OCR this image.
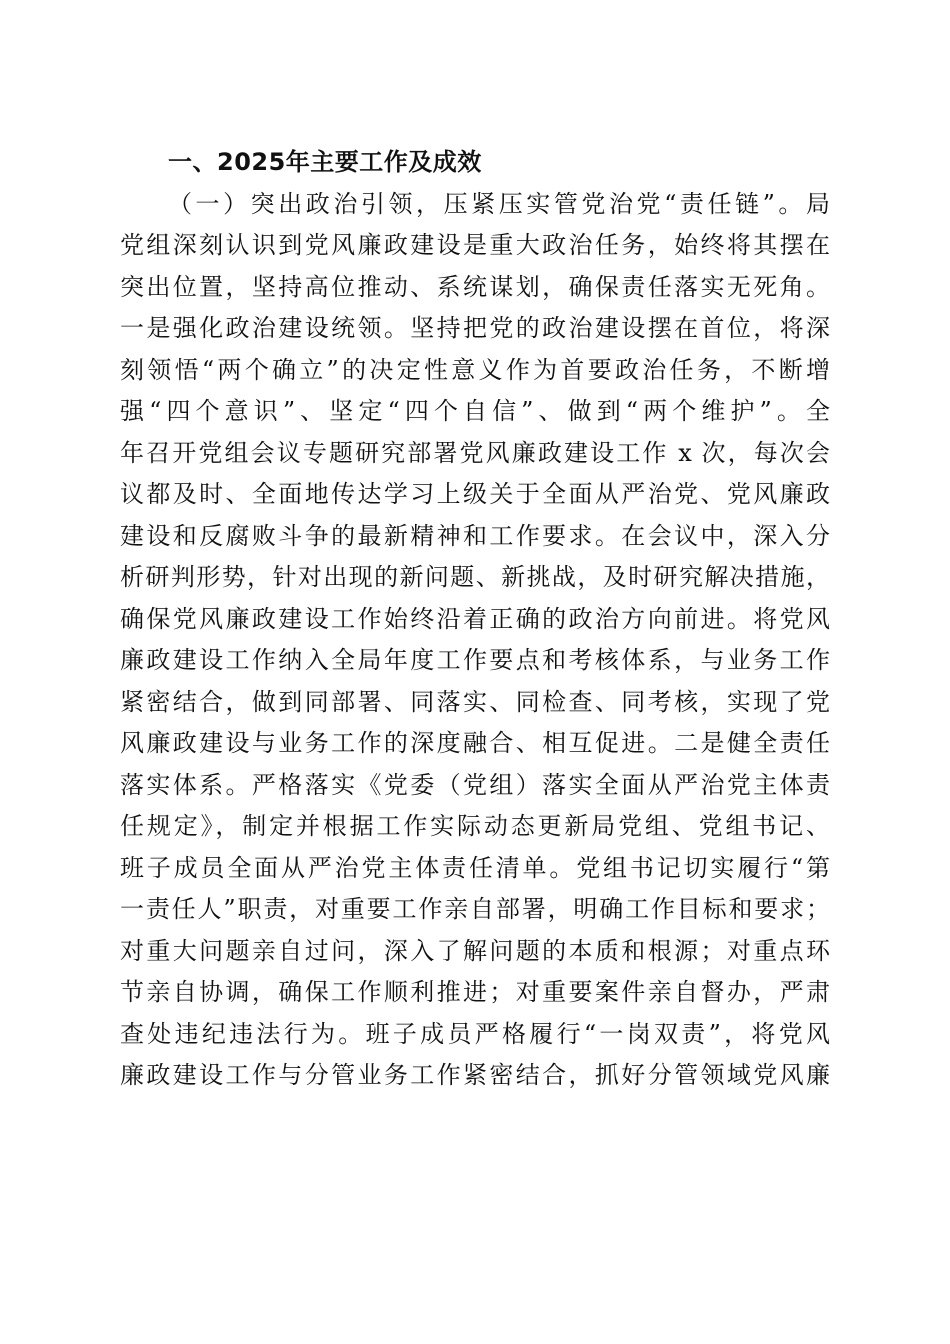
一、2025年主要工作及成效
（一）突出政治引领，压紧压实管党治党“责任链”。局
党组深刻认识到党风廉政建设是重大政治任务，始终将其摆在
突出位置，坚持高位推动、系统谋划，确保责任落实无死角。
一是强化政治建设统领。坚持把党的政治建设摆在首位，将深
刻领悟“两个确立”的决定性意义作为首要政治任务，不断增
强“四个意识”、坚定“四个自信”、做到“两个维护”。全
年召开党组会议专题研究部署党风廉政建设工作 x 次，每次会
议都及时、全面地传达学习上级关于全面从严治党、党风廉政
建设和反腐败斗争的最新精神和工作要求。在会议中，深入分
析研判形势，针对出现的新问题、新挑战，及时研究解决措施，
确保党风廉政建设工作始终沿着正确的政治方向前进。将党风
廉政建设工作纳入全局年度工作要点和考核体系，与业务工作
紧密结合，做到同部署、同落实、同检查、同考核，实现了党
风廉政建设与业务工作的深度融合、相互促进。二是健全责任
落实体系。严格落实《党委（党组）落实全面从严治党主体责
任规定》，制定并根据工作实际动态更新局党组、党组书记、
班子成员全面从严治党主体责任清单。党组书记切实履行“第
一责任人”职责，对重要工作亲自部署，明确工作目标和要求；
对重大问题亲自过问，深入了解问题的本质和根源；对重点环
节亲自协调，确保工作顺利推进；对重要案件亲自督办，严肃
查处违纪违法行为。班子成员严格履行“一岗双责”，将党风
廉政建设工作与分管业务工作紧密结合，抓好分管领域党风廉
